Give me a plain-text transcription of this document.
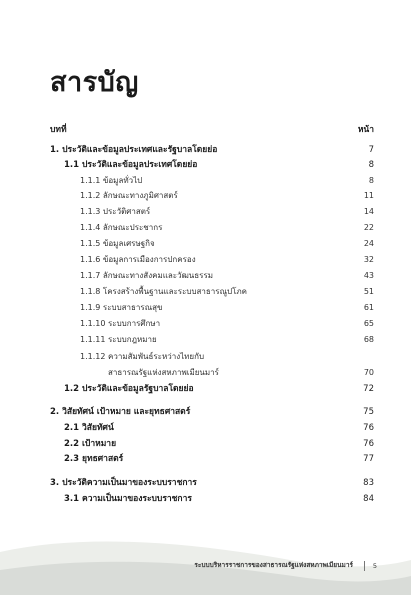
สารบัญ
บทที่	หน้า
1. ประวัติและข้อมูลประเทศและรัฐบาลโดยย่อ	7
1.1 ประวัติและข้อมูลประเทศโดยย่อ	8
1.1.1 ข้อมูลทั่วไป	8
1.1.2 ลักษณะทางภูมิศาสตร์	11
1.1.3 ประวัติศาสตร์	14
1.1.4 ลักษณะประชากร	22
1.1.5 ข้อมูลเศรษฐกิจ	24
1.1.6 ข้อมูลการเมืองการปกครอง	32
1.1.7 ลักษณะทางสังคมและวัฒนธรรม	43
1.1.8 โครงสร้างพื้นฐานและระบบสาธารณูปโภค	51
1.1.9 ระบบสาธารณสุข	61
1.1.10 ระบบการศึกษา	65
1.1.11 ระบบกฎหมาย	68
1.1.12 ความสัมพันธ์ระหว่างไทยกับ
สาธารณรัฐแห่งสหภาพเมียนมาร์	70
1.2 ประวัติและข้อมูลรัฐบาลโดยย่อ	72
2. วิสัยทัศน์ เป้าหมาย และยุทธศาสตร์	75
2.1 วิสัยทัศน์	76
2.2 เป้าหมาย	76
2.3 ยุทธศาสตร์	77
3. ประวัติความเป็นมาของระบบราชการ	83
3.1 ความเป็นมาของระบบราชการ	84
ระบบบริหารราชการของสาธารณรัฐแห่งสหภาพเมียนมาร์	5
